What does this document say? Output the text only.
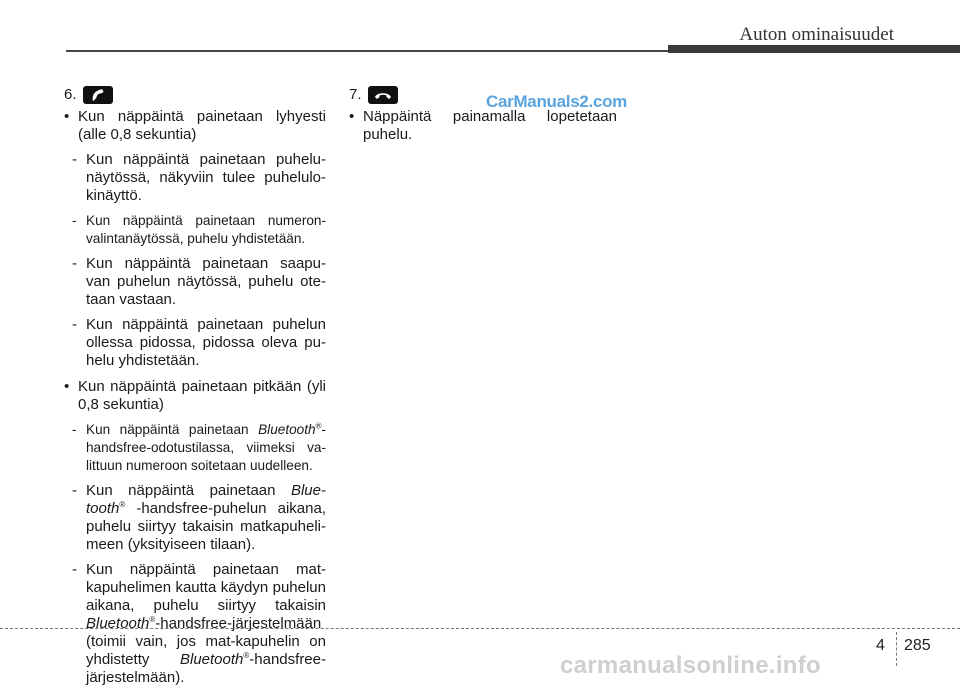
Auton ominaisuudet
CarManuals2.com
6.
• Kun näppäintä painetaan lyhyesti (alle 0,8 sekuntia)
- Kun näppäintä painetaan puhelu-näytössä, näkyviin tulee puhelulo-kinäyttö.
- Kun näppäintä painetaan numeron-valintanäytössä, puhelu yhdistetään.
- Kun näppäintä painetaan saapu-van puhelun näytössä, puhelu ote-taan vastaan.
- Kun näppäintä painetaan puhelun ollessa pidossa, pidossa oleva pu-helu yhdistetään.
• Kun näppäintä painetaan pitkään (yli 0,8 sekuntia)
- Kun näppäintä painetaan Bluetooth®-handsfree-odotustilassa, viimeksi va-littuun numeroon soitetaan uudelleen.
- Kun näppäintä painetaan Blue-tooth® -handsfree-puhelun aikana, puhelu siirtyy takaisin matkapuheli-meen (yksityiseen tilaan).
- Kun näppäintä painetaan mat-kapuhelimen kautta käydyn puhelun aikana, puhelu siirtyy takaisin Bluetooth®-handsfree-järjestelmään (toimii vain, jos mat-kapuhelin on yhdistetty Bluetooth®-handsfree-järjestelmään).
7.
• Näppäintä painamalla lopetetaan puhelu.
4 285
carmanualsonline.info
